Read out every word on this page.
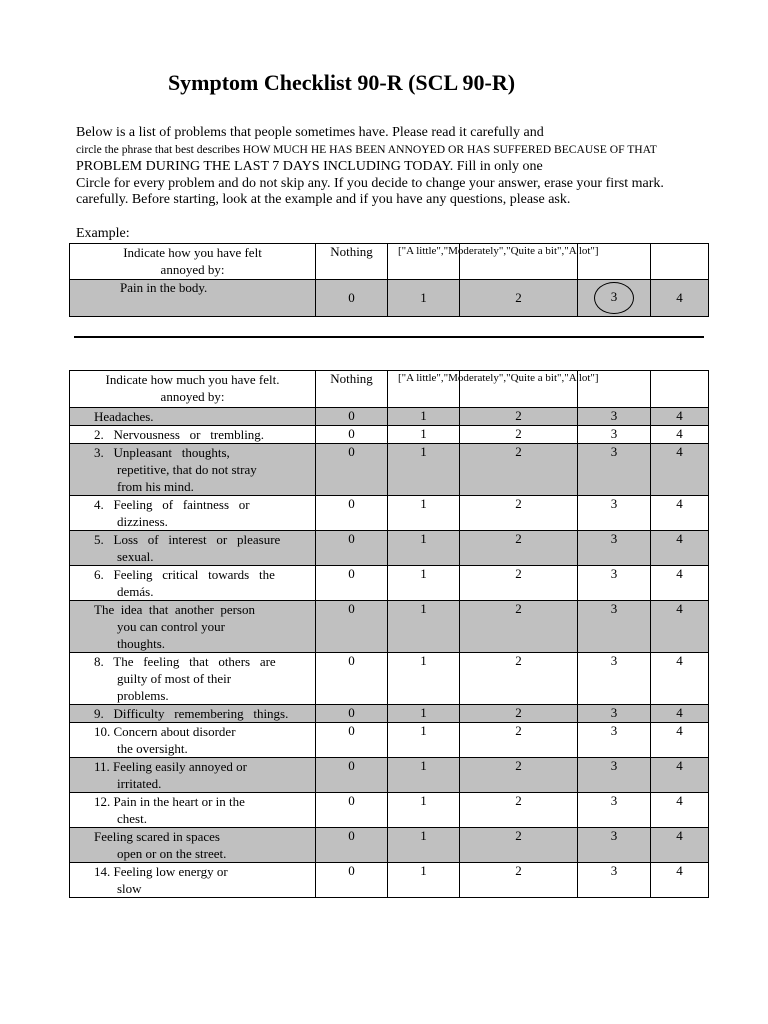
Symptom Checklist 90-R (SCL 90-R)
Below is a list of problems that people sometimes have. Please read it carefully and
circle the phrase that best describes HOW MUCH HE HAS BEEN ANNOYED OR HAS SUFFERED BECAUSE OF THAT
PROBLEM DURING THE LAST 7 DAYS INCLUDING TODAY. Fill in only one
Circle for every problem and do not skip any. If you decide to change your answer, erase your first mark.
carefully. Before starting, look at the example and if you have any questions, please ask.
Example:
Indicate how you have felt annoyed by:	Nothing	["A little","Moderately","Quite a bit","A lot"]			

Pain in the body.	0	1	2	3	4
Indicate how much you have felt. annoyed by:	Nothing	["A little","Moderately","Quite a bit","A lot"]			

Headaches.	0	1	2	3	4

2.   Nervousness   or   trembling.	0	1	2	3	4

3.   Unpleasant   thoughts,
repetitive, that do not stray
from his mind.	0	1	2	3	4

4.   Feeling   of   faintness   or
dizziness.	0	1	2	3	4

5.   Loss   of   interest   or   pleasure
sexual.	0	1	2	3	4

6.   Feeling   critical   towards   the
demás.	0	1	2	3	4

The  idea  that  another  person
you can control your
thoughts.	0	1	2	3	4

8.   The   feeling   that   others   are
guilty of most of their
problems.	0	1	2	3	4

9.   Difficulty   remembering   things.	0	1	2	3	4

10. Concern about disorder
the oversight.	0	1	2	3	4

11. Feeling easily annoyed or
irritated.	0	1	2	3	4

12. Pain in the heart or in the
chest.	0	1	2	3	4

Feeling scared in spaces
open or on the street.	0	1	2	3	4

14. Feeling low energy or
slow	0	1	2	3	4
